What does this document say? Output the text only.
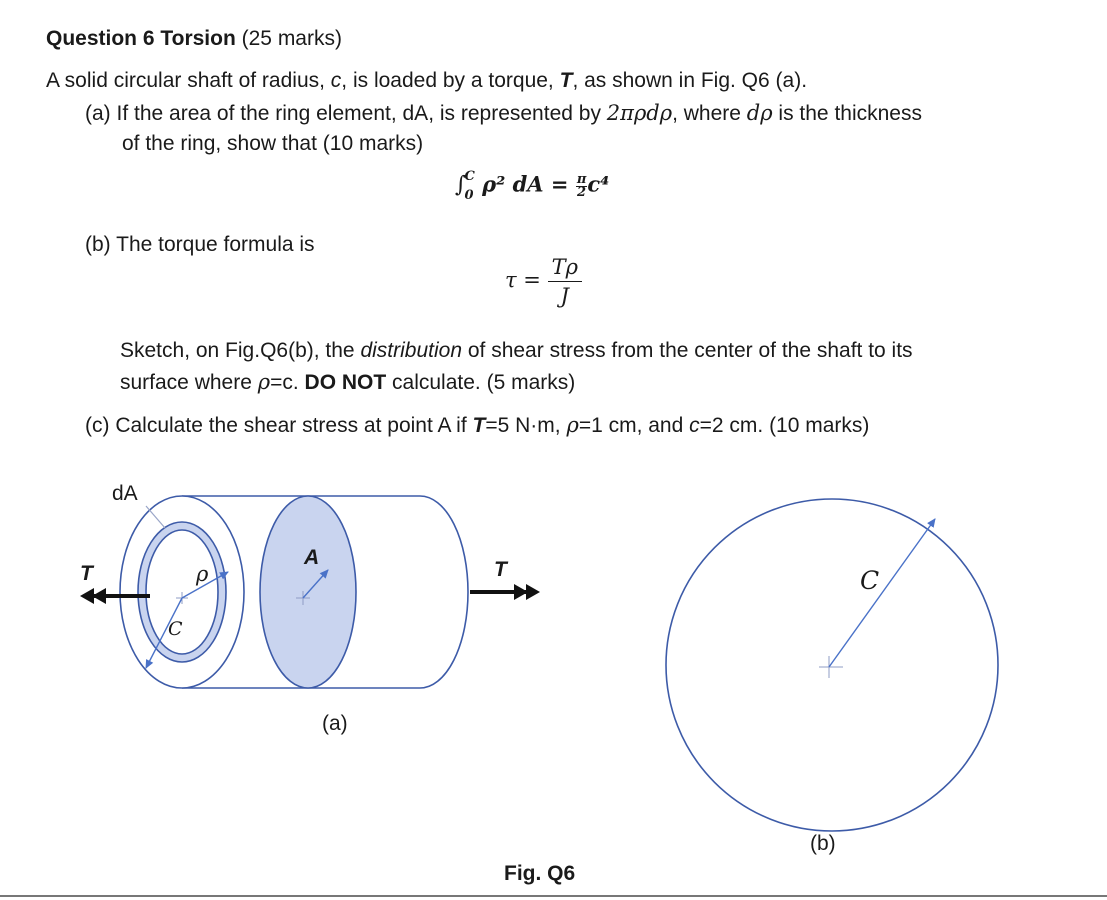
Question 6 Torsion (25 marks)
A solid circular shaft of radius, c, is loaded by a torque, T, as shown in Fig. Q6 (a).
(a) If the area of the ring element, dA, is represented by 2πρdρ, where dρ is the thickness
of the ring, show that (10 marks)
∫
C
0 ρ² dA = $\frac{\pi}{2}c^4$
(b) The torque formula is
$\tau = \frac{T\rho}{J}$
Sketch, on Fig.Q6(b), the distribution of shear stress from the center of the shaft to its
surface where ρ=c. DO NOT calculate. (5 marks)
(c) Calculate the shear stress at point A if T=5 N·m, ρ=1 cm, and c=2 cm. (10 marks)
dA
T	ρ
C
A
T	C
(a)
(b)
Fig. Q6
